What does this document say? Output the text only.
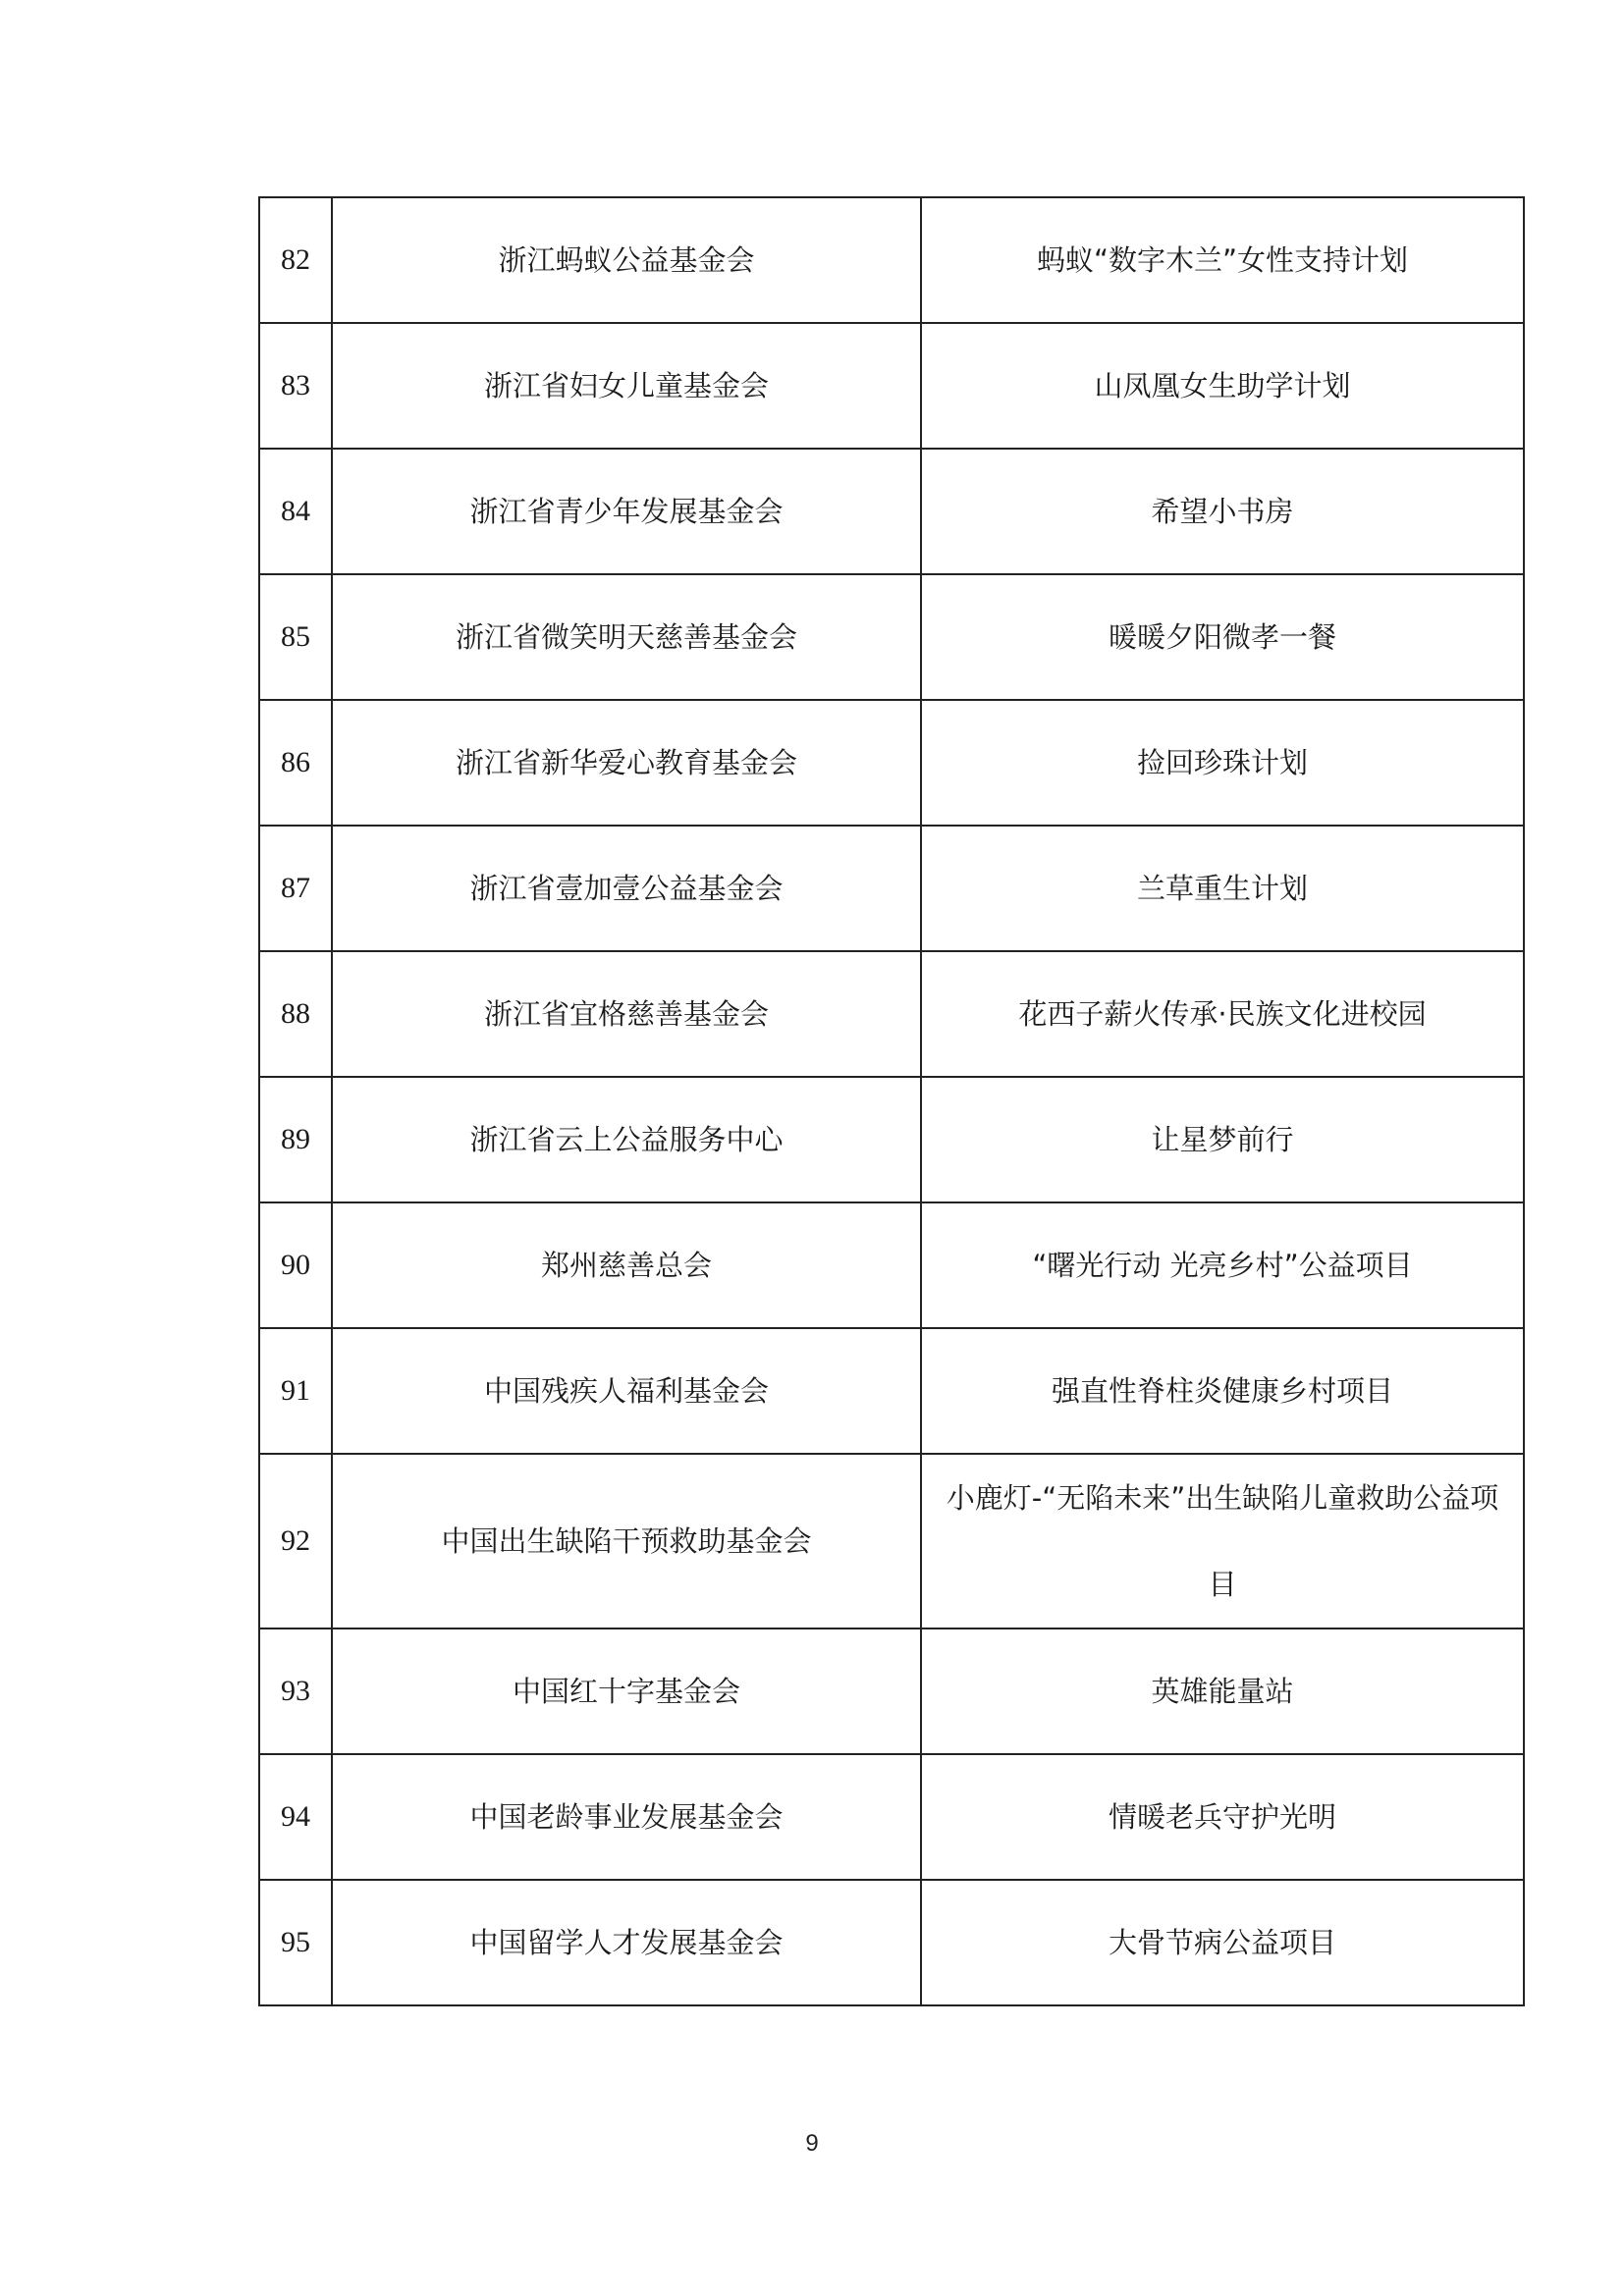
82	浙江蚂蚁公益基金会	蚂蚁“数字木兰”女性支持计划
83	浙江省妇女儿童基金会	山凤凰女生助学计划
84	浙江省青少年发展基金会	希望小书房
85	浙江省微笑明天慈善基金会	暖暖夕阳微孝一餐
86	浙江省新华爱心教育基金会	捡回珍珠计划
87	浙江省壹加壹公益基金会	兰草重生计划
88	浙江省宜格慈善基金会	花西子薪火传承·民族文化进校园
89	浙江省云上公益服务中心	让星梦前行
90	郑州慈善总会	“曙光行动 光亮乡村”公益项目
91	中国残疾人福利基金会	强直性脊柱炎健康乡村项目
92	中国出生缺陷干预救助基金会	小鹿灯-“无陷未来”出生缺陷儿童救助公益项目
93	中国红十字基金会	英雄能量站
94	中国老龄事业发展基金会	情暖老兵守护光明
95	中国留学人才发展基金会	大骨节病公益项目
9
